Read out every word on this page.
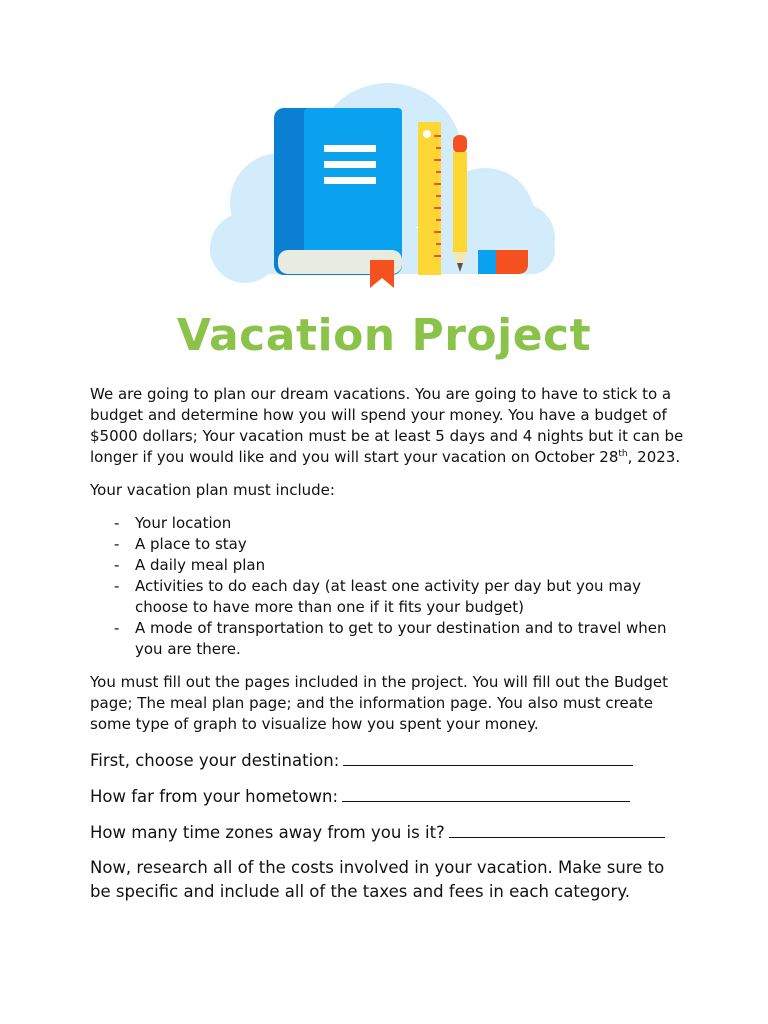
Vacation Project

We are going to plan our dream vacations. You are going to have to stick to a budget and determine how you will spend your money. You have a budget of $5000 dollars; Your vacation must be at least 5 days and 4 nights but it can be longer if you would like and you will start your vacation on October 28th, 2023.

Your vacation plan must include:

- Your location
- A place to stay
- A daily meal plan
- Activities to do each day (at least one activity per day but you may choose to have more than one if it fits your budget)
- A mode of transportation to get to your destination and to travel when you are there.

You must fill out the pages included in the project. You will fill out the Budget page; The meal plan page; and the information page. You also must create some type of graph to visualize how you spent your money.

First, choose your destination:

How far from your hometown:

How many time zones away from you is it?

Now, research all of the costs involved in your vacation. Make sure to be specific and include all of the taxes and fees in each category.
